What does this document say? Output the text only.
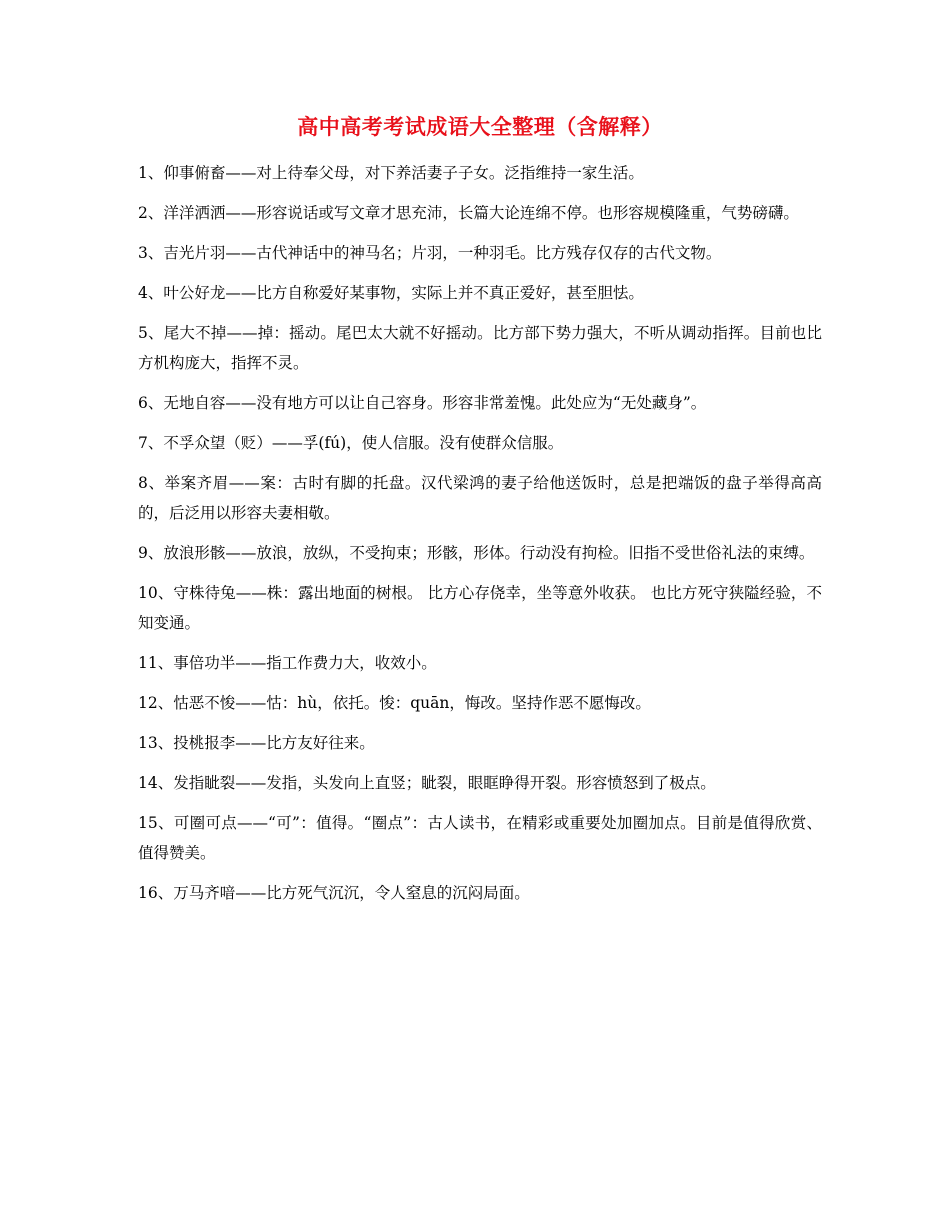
高中高考考试成语大全整理（含解释）
1 、 仰事俯畜——对上待奉父母，对下养活妻子子女。泛指维持一家生活。
2 、 洋洋洒洒——形容说话或写文章才思充沛，长篇大论连绵不停。也形容规模隆重，气势磅礴。
3 、 吉光片羽——古代神话中的神马名；片羽，一种羽毛。比方残存仅存的古代文物。
4 、 叶公好龙——比方自称爱好某事物，实际上并不真正爱好，甚至胆怯。
5 、 尾大不掉——掉：摇动。尾巴太大就不好摇动。比方部下势力强大，不听从调动指挥。目前也比方机构庞大，指挥不灵。
6 、 无地自容——没有地方可以让自己容身。形容非常羞愧。此处应为“无处藏身”。
7 、 不孚众望（贬）——孚(fú)，使人信服。没有使群众信服。
8 、 举案齐眉——案：古时有脚的托盘。汉代梁鸿的妻子给他送饭时，总是把端饭的盘子举得高高的，后泛用以形容夫妻相敬。
9 、 放浪形骸——放浪，放纵，不受拘束；形骸，形体。行动没有拘检。旧指不受世俗礼法的束缚。
10 、 守株待兔——株：露出地面的树根。 比方心存侥幸，坐等意外收获。 也比方死守狭隘经验，不知变通。
11 、 事倍功半——指工作费力大，收效小。
12 、 怙恶不悛——怙：hù，依托。悛：quān，悔改。坚持作恶不愿悔改。
13 、 投桃报李——比方友好往来。
14 、 发指眦裂——发指，头发向上直竖；眦裂，眼眶睁得开裂。形容愤怒到了极点。
15 、 可圈可点——“可”：值得。“圈点”：古人读书，在精彩或重要处加圈加点。目前是值得欣赏、值得赞美。
16 、 万马齐喑——比方死气沉沉，令人窒息的沉闷局面。
